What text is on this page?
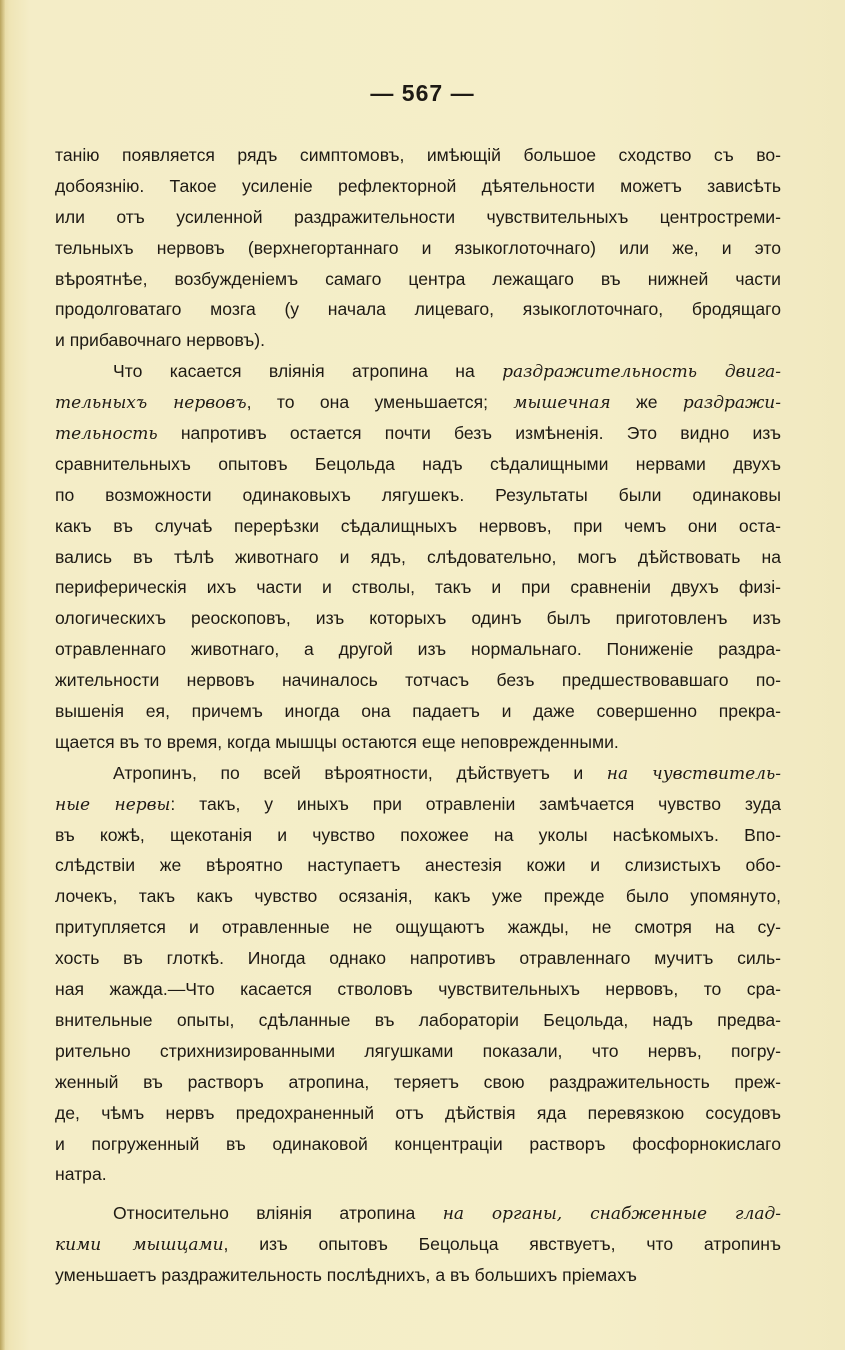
— 567 —
танію появляется рядъ симптомовъ, имѣющій большое сходство съ во-
добоязнію. Такое усиленіе рефлекторной дѣятельности можетъ зависѣть
или отъ усиленной раздражительности чувствительныхъ центростреми-
тельныхъ нервовъ (верхнегортаннаго и языкоглоточнаго) или же, и это
вѣроятнѣе, возбужденіемъ самаго центра лежащаго въ нижней части
продолговатаго мозга (у начала лицеваго, языкоглоточнаго, бродящаго
и прибавочнаго нервовъ).
Что касается вліянія атропина на раздражительность двига-
тельныхъ нервовъ, то она уменьшается; мышечная же раздражи-
тельность напротивъ остается почти безъ измѣненія. Это видно изъ
сравнительныхъ опытовъ Бецольда надъ сѣдалищными нервами двухъ
по возможности одинаковыхъ лягушекъ. Результаты были одинаковы
какъ въ случаѣ перерѣзки сѣдалищныхъ нервовъ, при чемъ они оста-
вались въ тѣлѣ животнаго и ядъ, слѣдовательно, могъ дѣйствовать на
периферическія ихъ части и стволы, такъ и при сравненіи двухъ физі-
ологическихъ реоскоповъ, изъ которыхъ одинъ былъ приготовленъ изъ
отравленнаго животнаго, а другой изъ нормальнаго. Пониженіе раздра-
жительности нервовъ начиналось тотчасъ безъ предшествовавшаго по-
вышенія ея, причемъ иногда она падаетъ и даже совершенно прекра-
щается въ то время, когда мышцы остаются еще неповрежденными.
Атропинъ, по всей вѣроятности, дѣйствуетъ и на чувствитель-
ные нервы: такъ, у иныхъ при отравленіи замѣчается чувство зуда
въ кожѣ, щекотанія и чувство похожее на уколы насѣкомыхъ. Впо-
слѣдствіи же вѣроятно наступаетъ анестезія кожи и слизистыхъ обо-
лочекъ, такъ какъ чувство осязанія, какъ уже прежде было упомянуто,
притупляется и отравленные не ощущаютъ жажды, не смотря на су-
хость въ глоткѣ. Иногда однако напротивъ отравленнаго мучитъ силь-
ная жажда.—Что касается стволовъ чувствительныхъ нервовъ, то сра-
внительные опыты, сдѣланные въ лабораторіи Бецольда, надъ предва-
рительно стрихнизированными лягушками показали, что нервъ, погру-
женный въ растворъ атропина, теряетъ свою раздражительность преж-
де, чѣмъ нервъ предохраненный отъ дѣйствія яда перевязкою сосудовъ
и погруженный въ одинаковой концентраціи растворъ фосфорнокислаго
натра.
Относительно вліянія атропина на органы, снабженные глад-
кими мышцами, изъ опытовъ Бецольца явствуетъ, что атропинъ
уменьшаетъ раздражительность послѣднихъ, а въ большихъ пріемахъ
